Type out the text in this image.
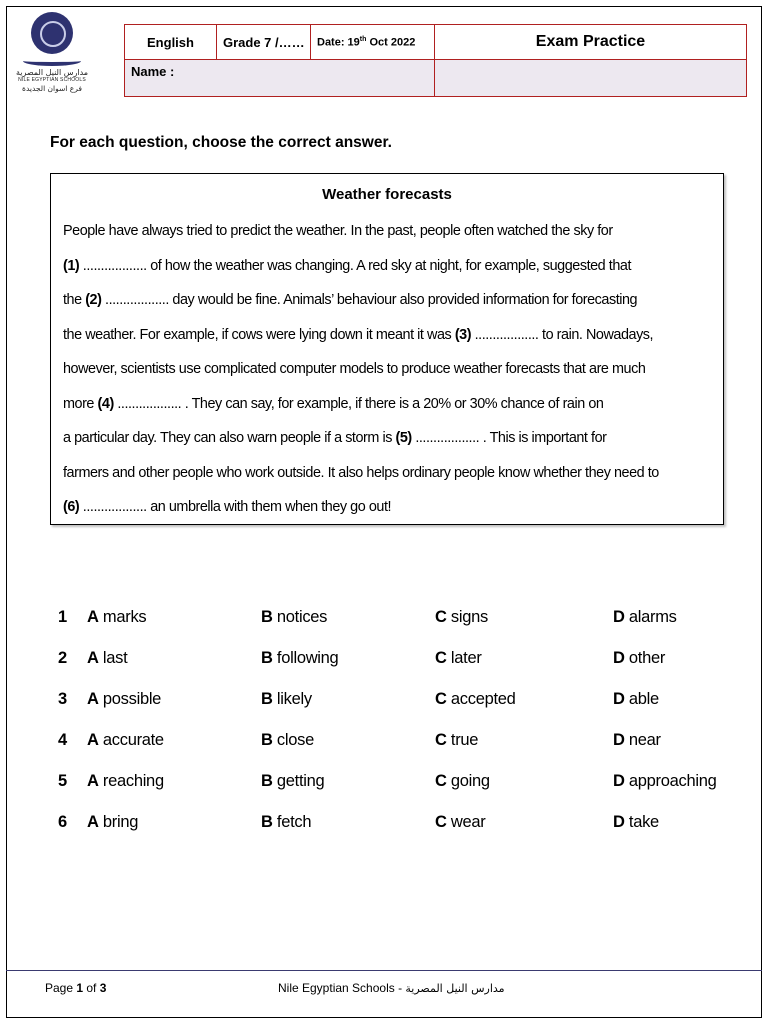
مدارس النيل المصرية
NILE EGYPTIAN SCHOOLS
فرع اسوان الجديدة
English	Grade 7 /……	Date: 19th Oct 2022	Exam Practice
Name :			
For each question, choose the correct answer.
Weather forecasts

People have always tried to predict the weather. In the past, people often watched the sky for

(1) .................. of how the weather was changing. A red sky at night, for example, suggested that

the (2) .................. day would be fine. Animals’ behaviour also provided information for forecasting

the weather. For example, if cows were lying down it meant it was (3) .................. to rain. Nowadays,

however, scientists use complicated computer models to produce weather forecasts that are much

more (4) .................. . They can say, for example, if there is a 20% or 30% chance of rain on

a particular day. They can also warn people if a storm is (5) .................. . This is important for

farmers and other people who work outside. It also helps ordinary people know whether they need to

(6) .................. an umbrella with them when they go out!

1 A marks	B notices	C signs	D alarms
2 A last	B following	C later	D other
3 A possible	B likely	C accepted	D able
4 A accurate	B close	C true	D near
5 A reaching	B getting	C going	D approaching
6 A bring	B fetch	C wear	D take
Page 1 of 3	Nile Egyptian Schools - مدارس النيل المصرية
